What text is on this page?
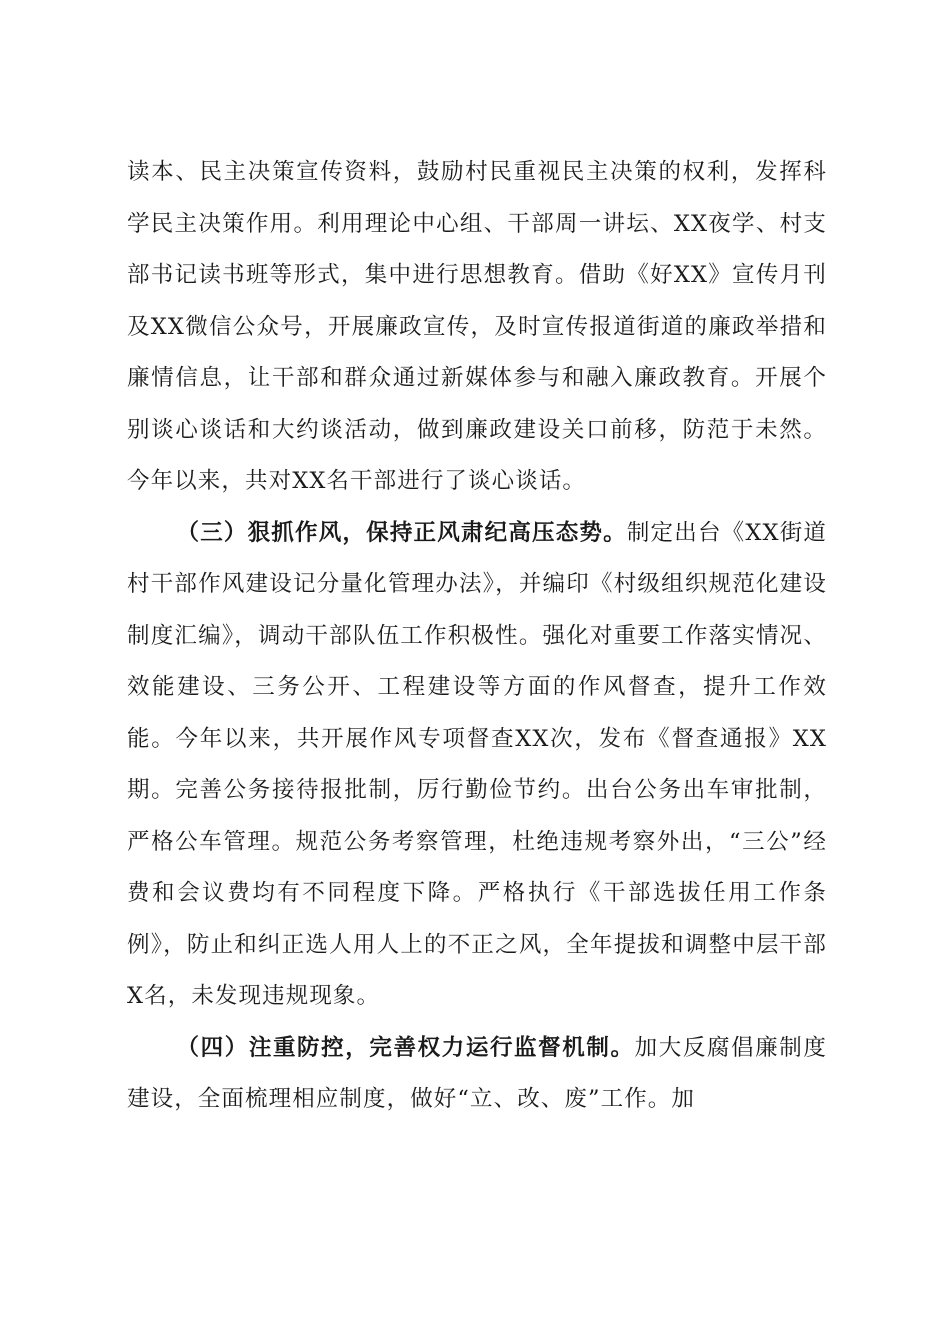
读本、民主决策宣传资料，鼓励村民重视民主决策的权利，发挥科学民主决策作用。利用理论中心组、干部周一讲坛、XX夜学、村支部书记读书班等形式，集中进行思想教育。借助《好XX》宣传月刊及XX微信公众号，开展廉政宣传，及时宣传报道街道的廉政举措和廉情信息，让干部和群众通过新媒体参与和融入廉政教育。开展个别谈心谈话和大约谈活动，做到廉政建设关口前移，防范于未然。今年以来，共对XX名干部进行了谈心谈话。

（三）狠抓作风，保持正风肃纪高压态势。制定出台《XX街道村干部作风建设记分量化管理办法》，并编印《村级组织规范化建设制度汇编》，调动干部队伍工作积极性。强化对重要工作落实情况、效能建设、三务公开、工程建设等方面的作风督查，提升工作效能。今年以来，共开展作风专项督查XX次，发布《督查通报》XX期。完善公务接待报批制，厉行勤俭节约。出台公务出车审批制，严格公车管理。规范公务考察管理，杜绝违规考察外出，“三公”经费和会议费均有不同程度下降。严格执行《干部选拔任用工作条例》，防止和纠正选人用人上的不正之风，全年提拔和调整中层干部X名，未发现违规现象。

（四）注重防控，完善权力运行监督机制。加大反腐倡廉制度建设，全面梳理相应制度，做好“立、改、废”工作。加
